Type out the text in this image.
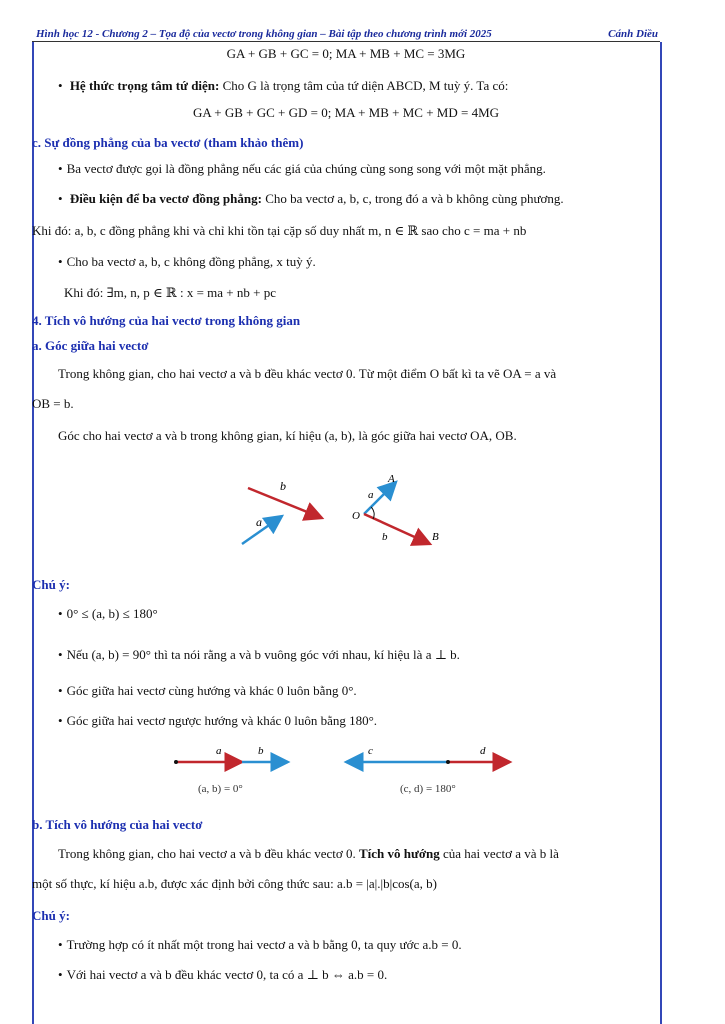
Hình học 12 - Chương 2 – Tọa độ của vectơ trong không gian – Bài tập theo chương trình mới 2025	Cánh Diều
GA + GB + GC = 0; MA + MB + MC = 3MG
• Hệ thức trọng tâm tứ diện: Cho G là trọng tâm của tứ diện ABCD, M tuỳ ý. Ta có:
GA + GB + GC + GD = 0; MA + MB + MC + MD = 4MG
c. Sự đồng phẳng của ba vectơ (tham khảo thêm)
• Ba vectơ được gọi là đồng phẳng nếu các giá của chúng cùng song song với một mặt phẳng.
• Điều kiện để ba vectơ đồng phẳng: Cho ba vectơ a, b, c, trong đó a và b không cùng phương.
Khi đó: a, b, c đồng phẳng khi và chỉ khi tồn tại cặp số duy nhất m, n ∈ ℝ sao cho c = ma + nb
• Cho ba vectơ a, b, c không đồng phẳng, x tuỳ ý.
Khi đó: ∃m, n, p ∈ ℝ : x = ma + nb + pc
4. Tích vô hướng của hai vectơ trong không gian
a. Góc giữa hai vectơ
Trong không gian, cho hai vectơ a và b đều khác vectơ 0. Từ một điểm O bất kì ta vẽ OA = a và
OB = b.
Góc cho hai vectơ a và b trong không gian, kí hiệu (a, b), là góc giữa hai vectơ OA, OB.
b
a
A
a
O
b	B
Chú ý:
• 0° ≤ (a, b) ≤ 180°
• Nếu (a, b) = 90° thì ta nói rằng a và b vuông góc với nhau, kí hiệu là a ⊥ b.
• Góc giữa hai vectơ cùng hướng và khác 0 luôn bằng 0°.
• Góc giữa hai vectơ ngược hướng và khác 0 luôn bằng 180°.
a	b
(a, b) = 0°
c	d
(c, d) = 180°
b. Tích vô hướng của hai vectơ
Trong không gian, cho hai vectơ a và b đều khác vectơ 0. Tích vô hướng của hai vectơ a và b là
một số thực, kí hiệu a.b, được xác định bởi công thức sau: a.b = |a|.|b|cos(a, b)
Chú ý:
• Trường hợp có ít nhất một trong hai vectơ a và b bằng 0, ta quy ước a.b = 0.
• Với hai vectơ a và b đều khác vectơ 0, ta có a ⊥ b ⇔ a.b = 0.
